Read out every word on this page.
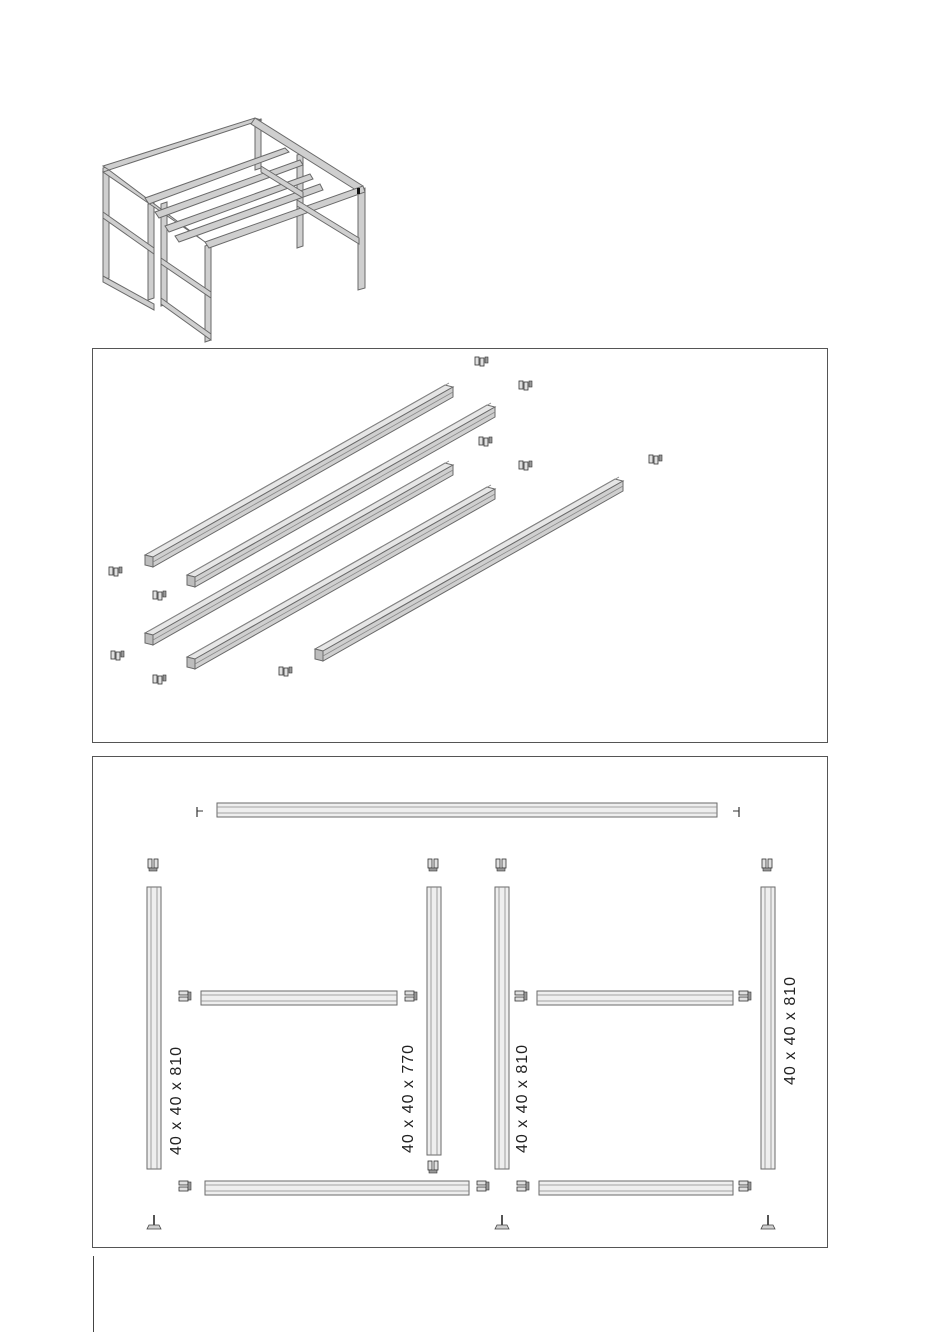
40 x 40 x 810	40 x 40 x 770	40 x 40 x 810
40 x 40 x 810
